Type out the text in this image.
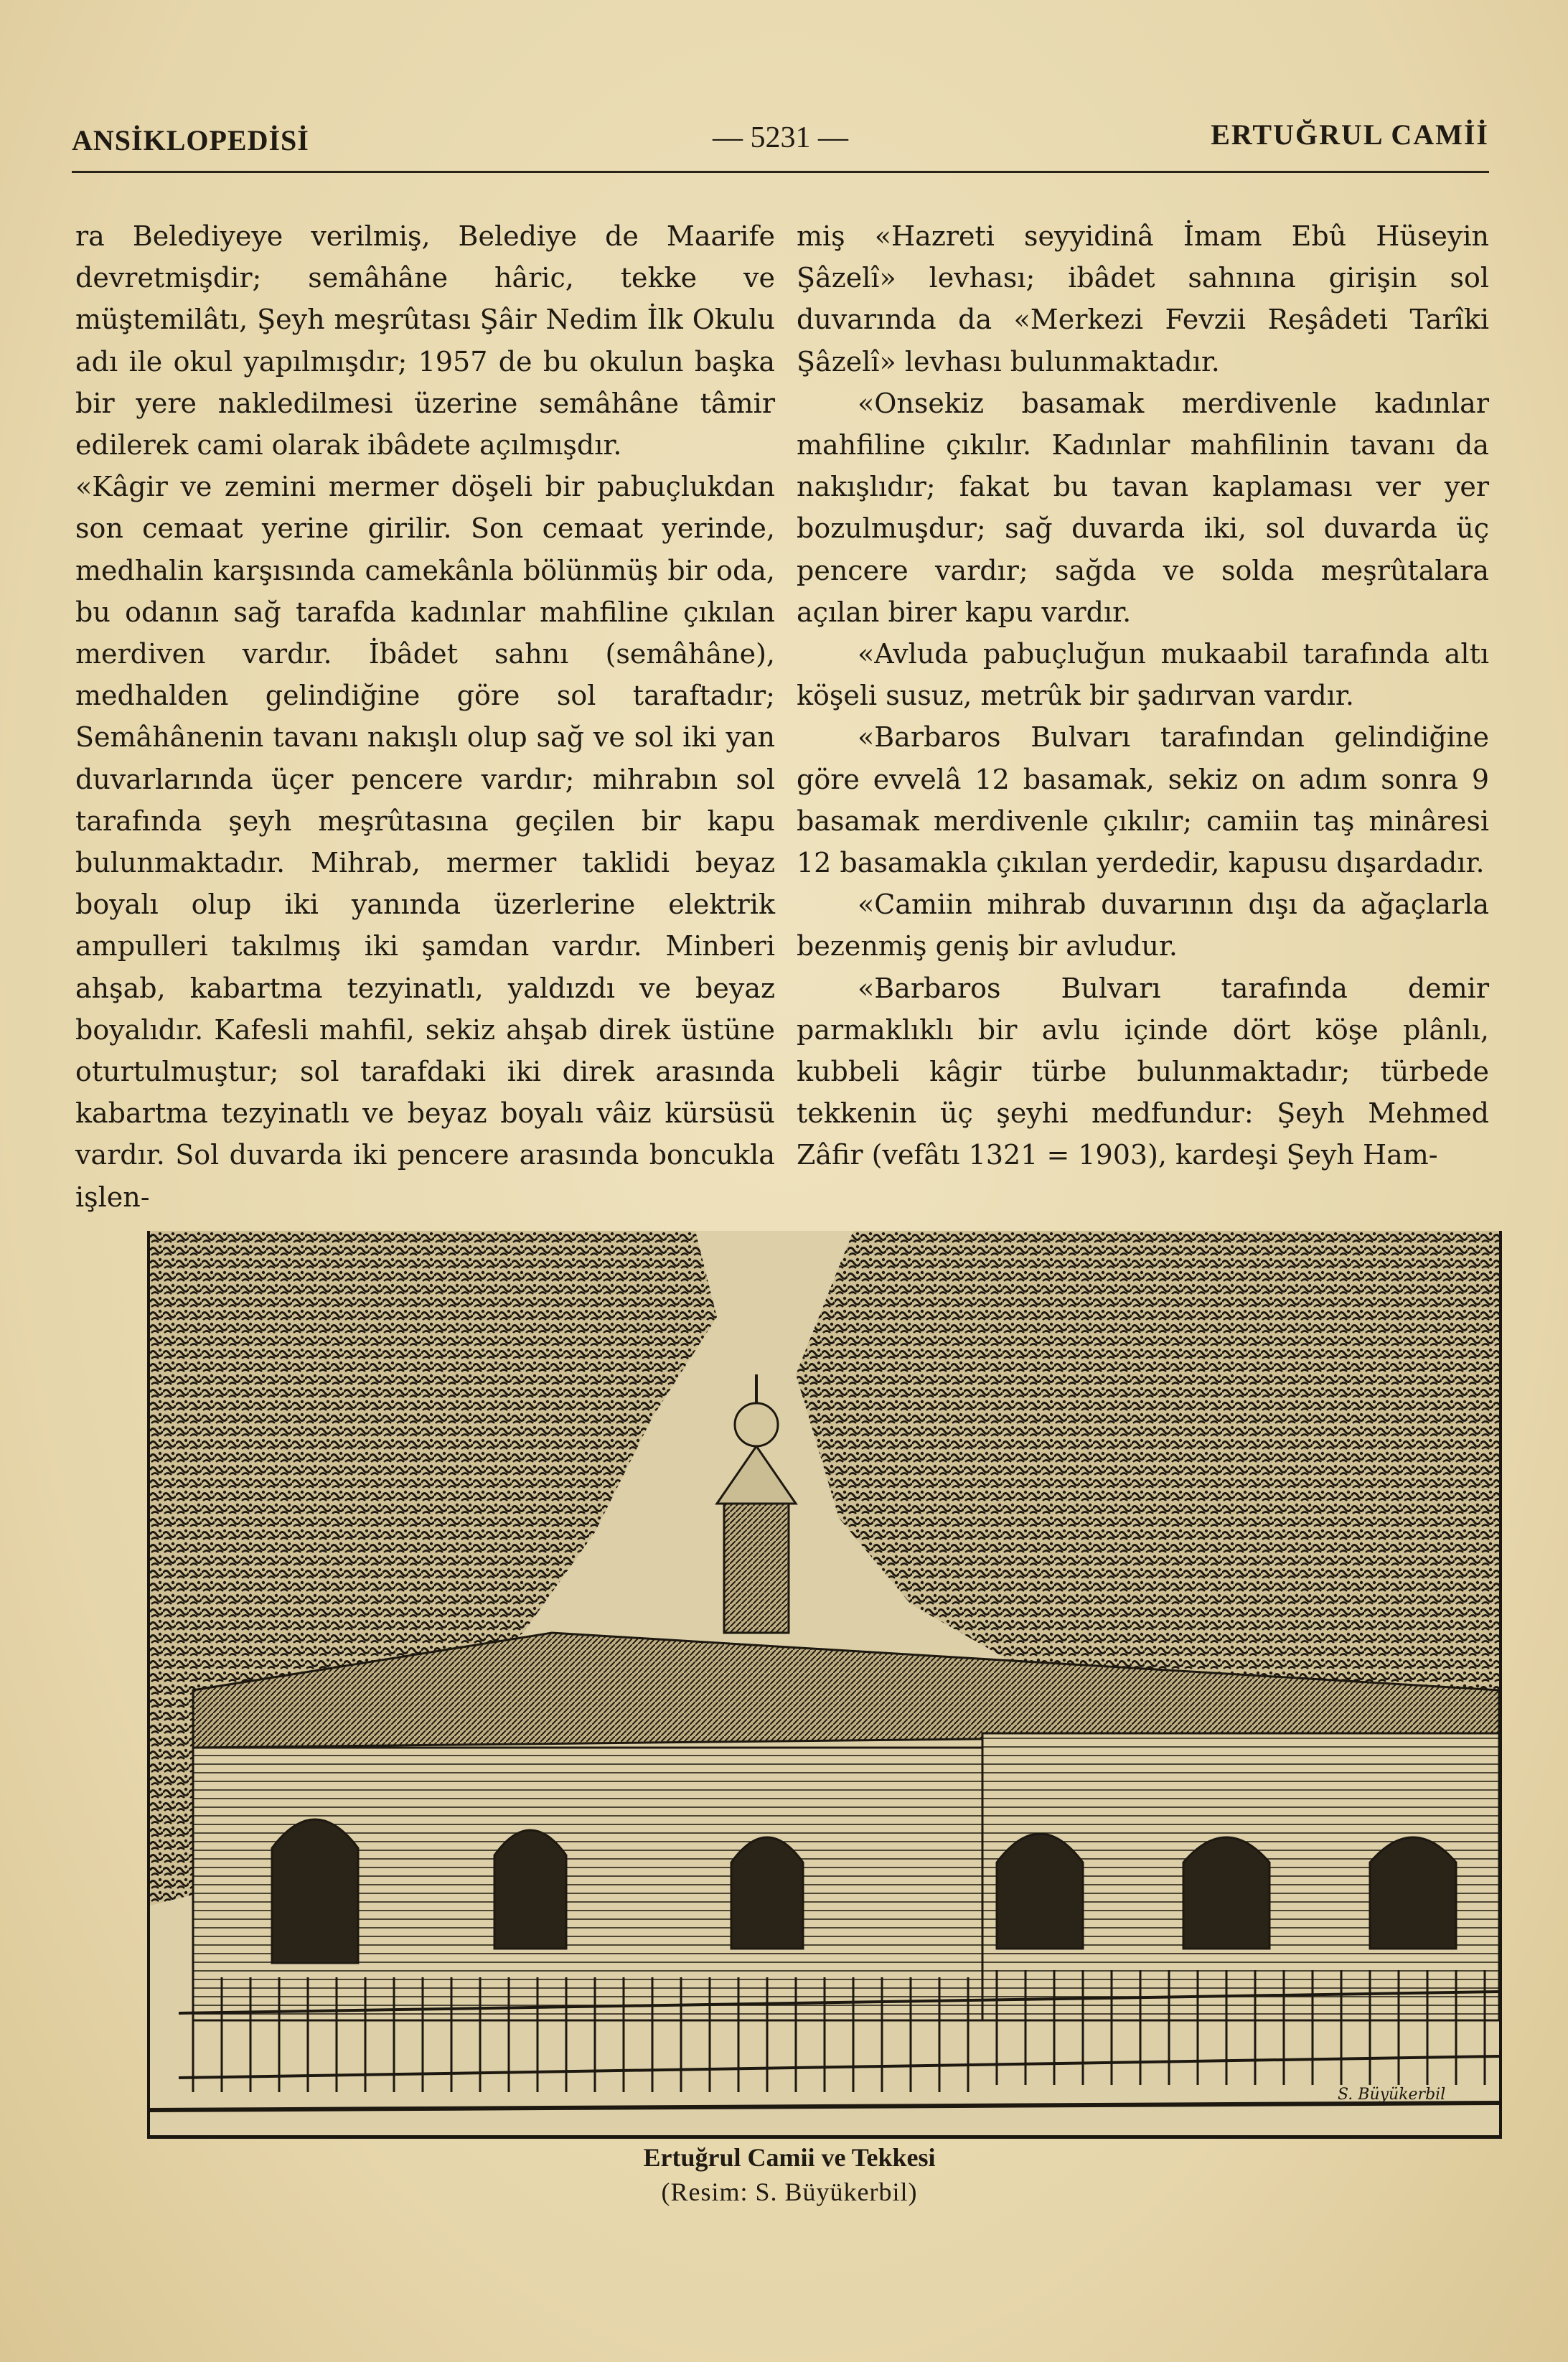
ANSİKLOPEDİSİ	— 5231 —	ERTUĞRUL CAMİİ

ra Belediyeye verilmiş, Belediye de Maarife devretmişdir; semâhâne hâric, tekke ve müştemilâtı, Şeyh meşrûtası Şâir Nedim İlk Okulu adı ile okul yapılmışdır; 1957 de bu okulun başka bir yere nakledilmesi üzerine semâhâne tâmir edilerek cami olarak ibâdete açılmışdır.

«Kâgir ve zemini mermer döşeli bir pabuçlukdan son cemaat yerine girilir. Son cemaat yerinde, medhalin karşısında camekânla bölünmüş bir oda, bu odanın sağ tarafda kadınlar mahfiline çıkılan merdiven vardır. İbâdet sahnı (semâhâne), medhalden gelindiğine göre sol taraftadır; Semâhânenin tavanı nakışlı olup sağ ve sol iki yan duvarlarında üçer pencere vardır; mihrabın sol tarafında şeyh meşrûtasına geçilen bir kapu bulunmaktadır. Mihrab, mermer taklidi beyaz boyalı olup iki yanında üzerlerine elektrik ampulleri takılmış iki şamdan vardır. Minberi ahşab, kabartma tezyinatlı, yaldızdı ve beyaz boyalıdır. Kafesli mahfil, sekiz ahşab direk üstüne oturtulmuştur; sol tarafdaki iki direk arasında kabartma tezyinatlı ve beyaz boyalı vâiz kürsüsü vardır. Sol duvarda iki pencere arasında boncukla işlen-

miş «Hazreti seyyidinâ İmam Ebû Hüseyin Şâzelî» levhası; ibâdet sahnına girişin sol duvarında da «Merkezi Fevzii Reşâdeti Tarîki Şâzelî» levhası bulunmaktadır.

«Onsekiz basamak merdivenle kadınlar mahfiline çıkılır. Kadınlar mahfilinin tavanı da nakışlıdır; fakat bu tavan kaplaması ver yer bozulmuşdur; sağ duvarda iki, sol duvarda üç pencere vardır; sağda ve solda meşrûtalara açılan birer kapu vardır.

«Avluda pabuçluğun mukaabil tarafında altı köşeli susuz, metrûk bir şadırvan vardır.

«Barbaros Bulvarı tarafından gelindiğine göre evvelâ 12 basamak, sekiz on adım sonra 9 basamak merdivenle çıkılır; camiin taş minâresi 12 basamakla çıkılan yerdedir, kapusu dışardadır.

«Camiin mihrab duvarının dışı da ağaçlarla bezenmiş geniş bir avludur.

«Barbaros Bulvarı tarafında demir parmaklıklı bir avlu içinde dört köşe plânlı, kubbeli kâgir türbe bulunmaktadır; türbede tekkenin üç şeyhi medfundur: Şeyh Mehmed Zâfir (vefâtı 1321 = 1903), kardeşi Şeyh Ham-

S. Büyükerbil
Ertuğrul Camii ve Tekkesi
(Resim: S. Büyükerbil)
